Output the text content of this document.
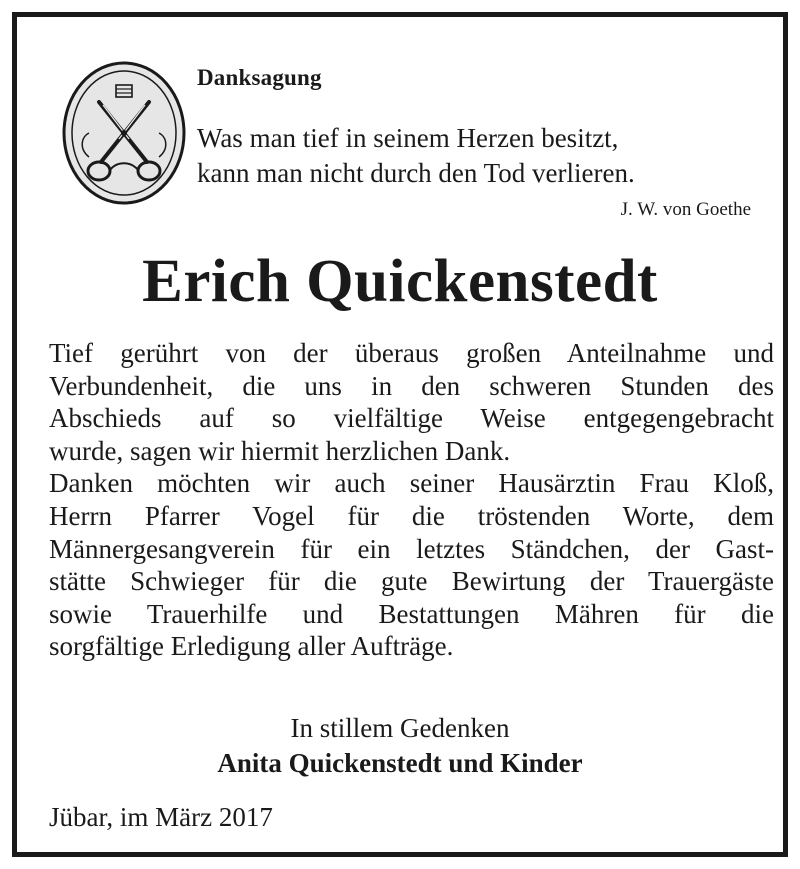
Danksagung
Was man tief in seinem Herzen besitzt,
kann man nicht durch den Tod verlieren.
J. W. von Goethe
Erich Quickenstedt
Tief gerührt von der überaus großen Anteilnahme und
Verbundenheit, die uns in den schweren Stunden des
Abschieds auf so vielfältige Weise entgegengebracht
wurde, sagen wir hiermit herzlichen Dank.
Danken möchten wir auch seiner Hausärztin Frau Kloß,
Herrn Pfarrer Vogel für die tröstenden Worte, dem
Männergesangverein für ein letztes Ständchen, der Gast-
stätte Schwieger für die gute Bewirtung der Trauergäste
sowie Trauerhilfe und Bestattungen Mähren für die
sorgfältige Erledigung aller Aufträge.
In stillem Gedenken
Anita Quickenstedt und Kinder
Jübar, im März 2017
